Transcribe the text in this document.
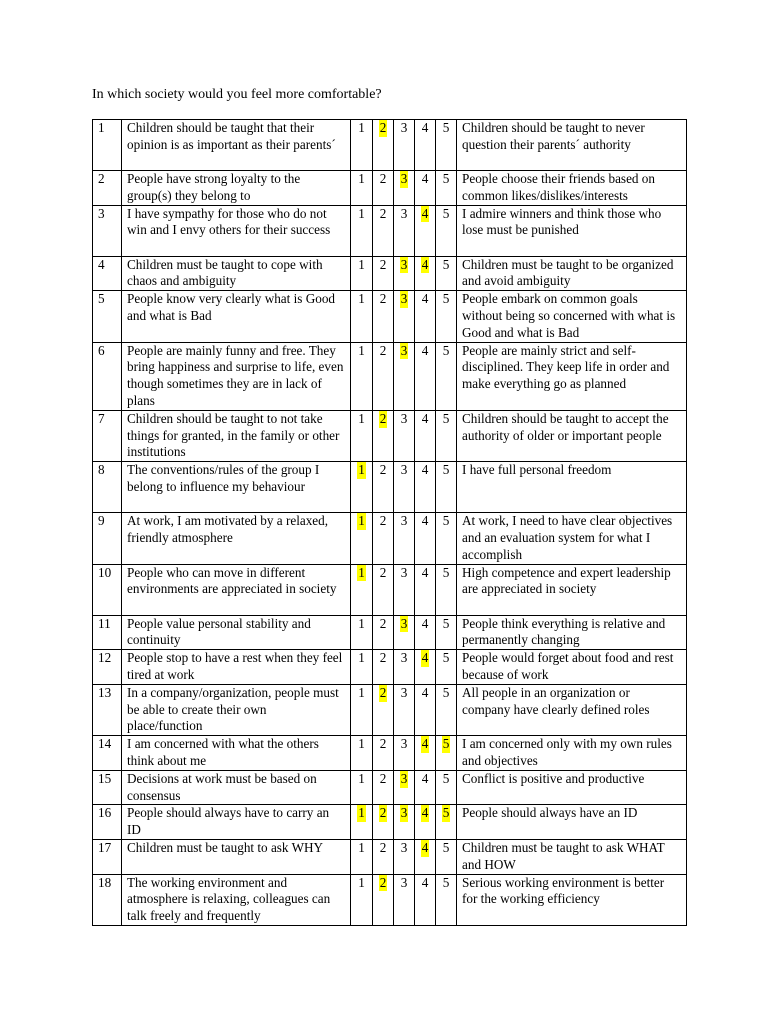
In which society would you feel more comfortable?
1	Children should be taught that their opinion is as important as their parents´	1	2	3	4	5	Children should be taught to never question their parents´ authority
2	People have strong loyalty to the group(s) they belong to	1	2	3	4	5	People choose their friends based on common likes/dislikes/interests
3	I have sympathy for those who do not win and I envy others for their success	1	2	3	4	5	I admire winners and think those who lose must be punished
4	Children must be taught to cope with chaos and ambiguity	1	2	3	4	5	Children must be taught to be organized and avoid ambiguity
5	People know very clearly what is Good and what is Bad	1	2	3	4	5	People embark on common goals without being so concerned with what is Good and what is Bad
6	People are mainly funny and free. They bring happiness and surprise to life, even though sometimes they are in lack of plans	1	2	3	4	5	People are mainly strict and self-disciplined. They keep life in order and make everything go as planned
7	Children should be taught to not take things for granted, in the family or other institutions	1	2	3	4	5	Children should be taught to accept the authority of older or important people
8	The conventions/rules of the group I belong to influence my behaviour	1	2	3	4	5	I have full personal freedom
9	At work, I am motivated by a relaxed, friendly atmosphere	1	2	3	4	5	At work, I need to have clear objectives and an evaluation system for what I accomplish
10	People who can move in different environments are appreciated in society	1	2	3	4	5	High competence and expert leadership are appreciated in society
11	People value personal stability and continuity	1	2	3	4	5	People think everything is relative and permanently changing
12	People stop to have a rest when they feel tired at work	1	2	3	4	5	People would forget about food and rest because of work
13	In a company/organization, people must be able to create their own place/function	1	2	3	4	5	All people in an organization or company have clearly defined roles
14	I am concerned with what the others think about me	1	2	3	4	5	I am concerned only with my own rules and objectives
15	Decisions at work must be based on consensus	1	2	3	4	5	Conflict is positive and productive
16	People should always have to carry an ID	1	2	3	4	5	People should always have an ID
17	Children must be taught to ask WHY	1	2	3	4	5	Children must be taught to ask WHAT and HOW
18	The working environment and atmosphere is relaxing, colleagues can talk freely and frequently	1	2	3	4	5	Serious working environment is better for the working efficiency
